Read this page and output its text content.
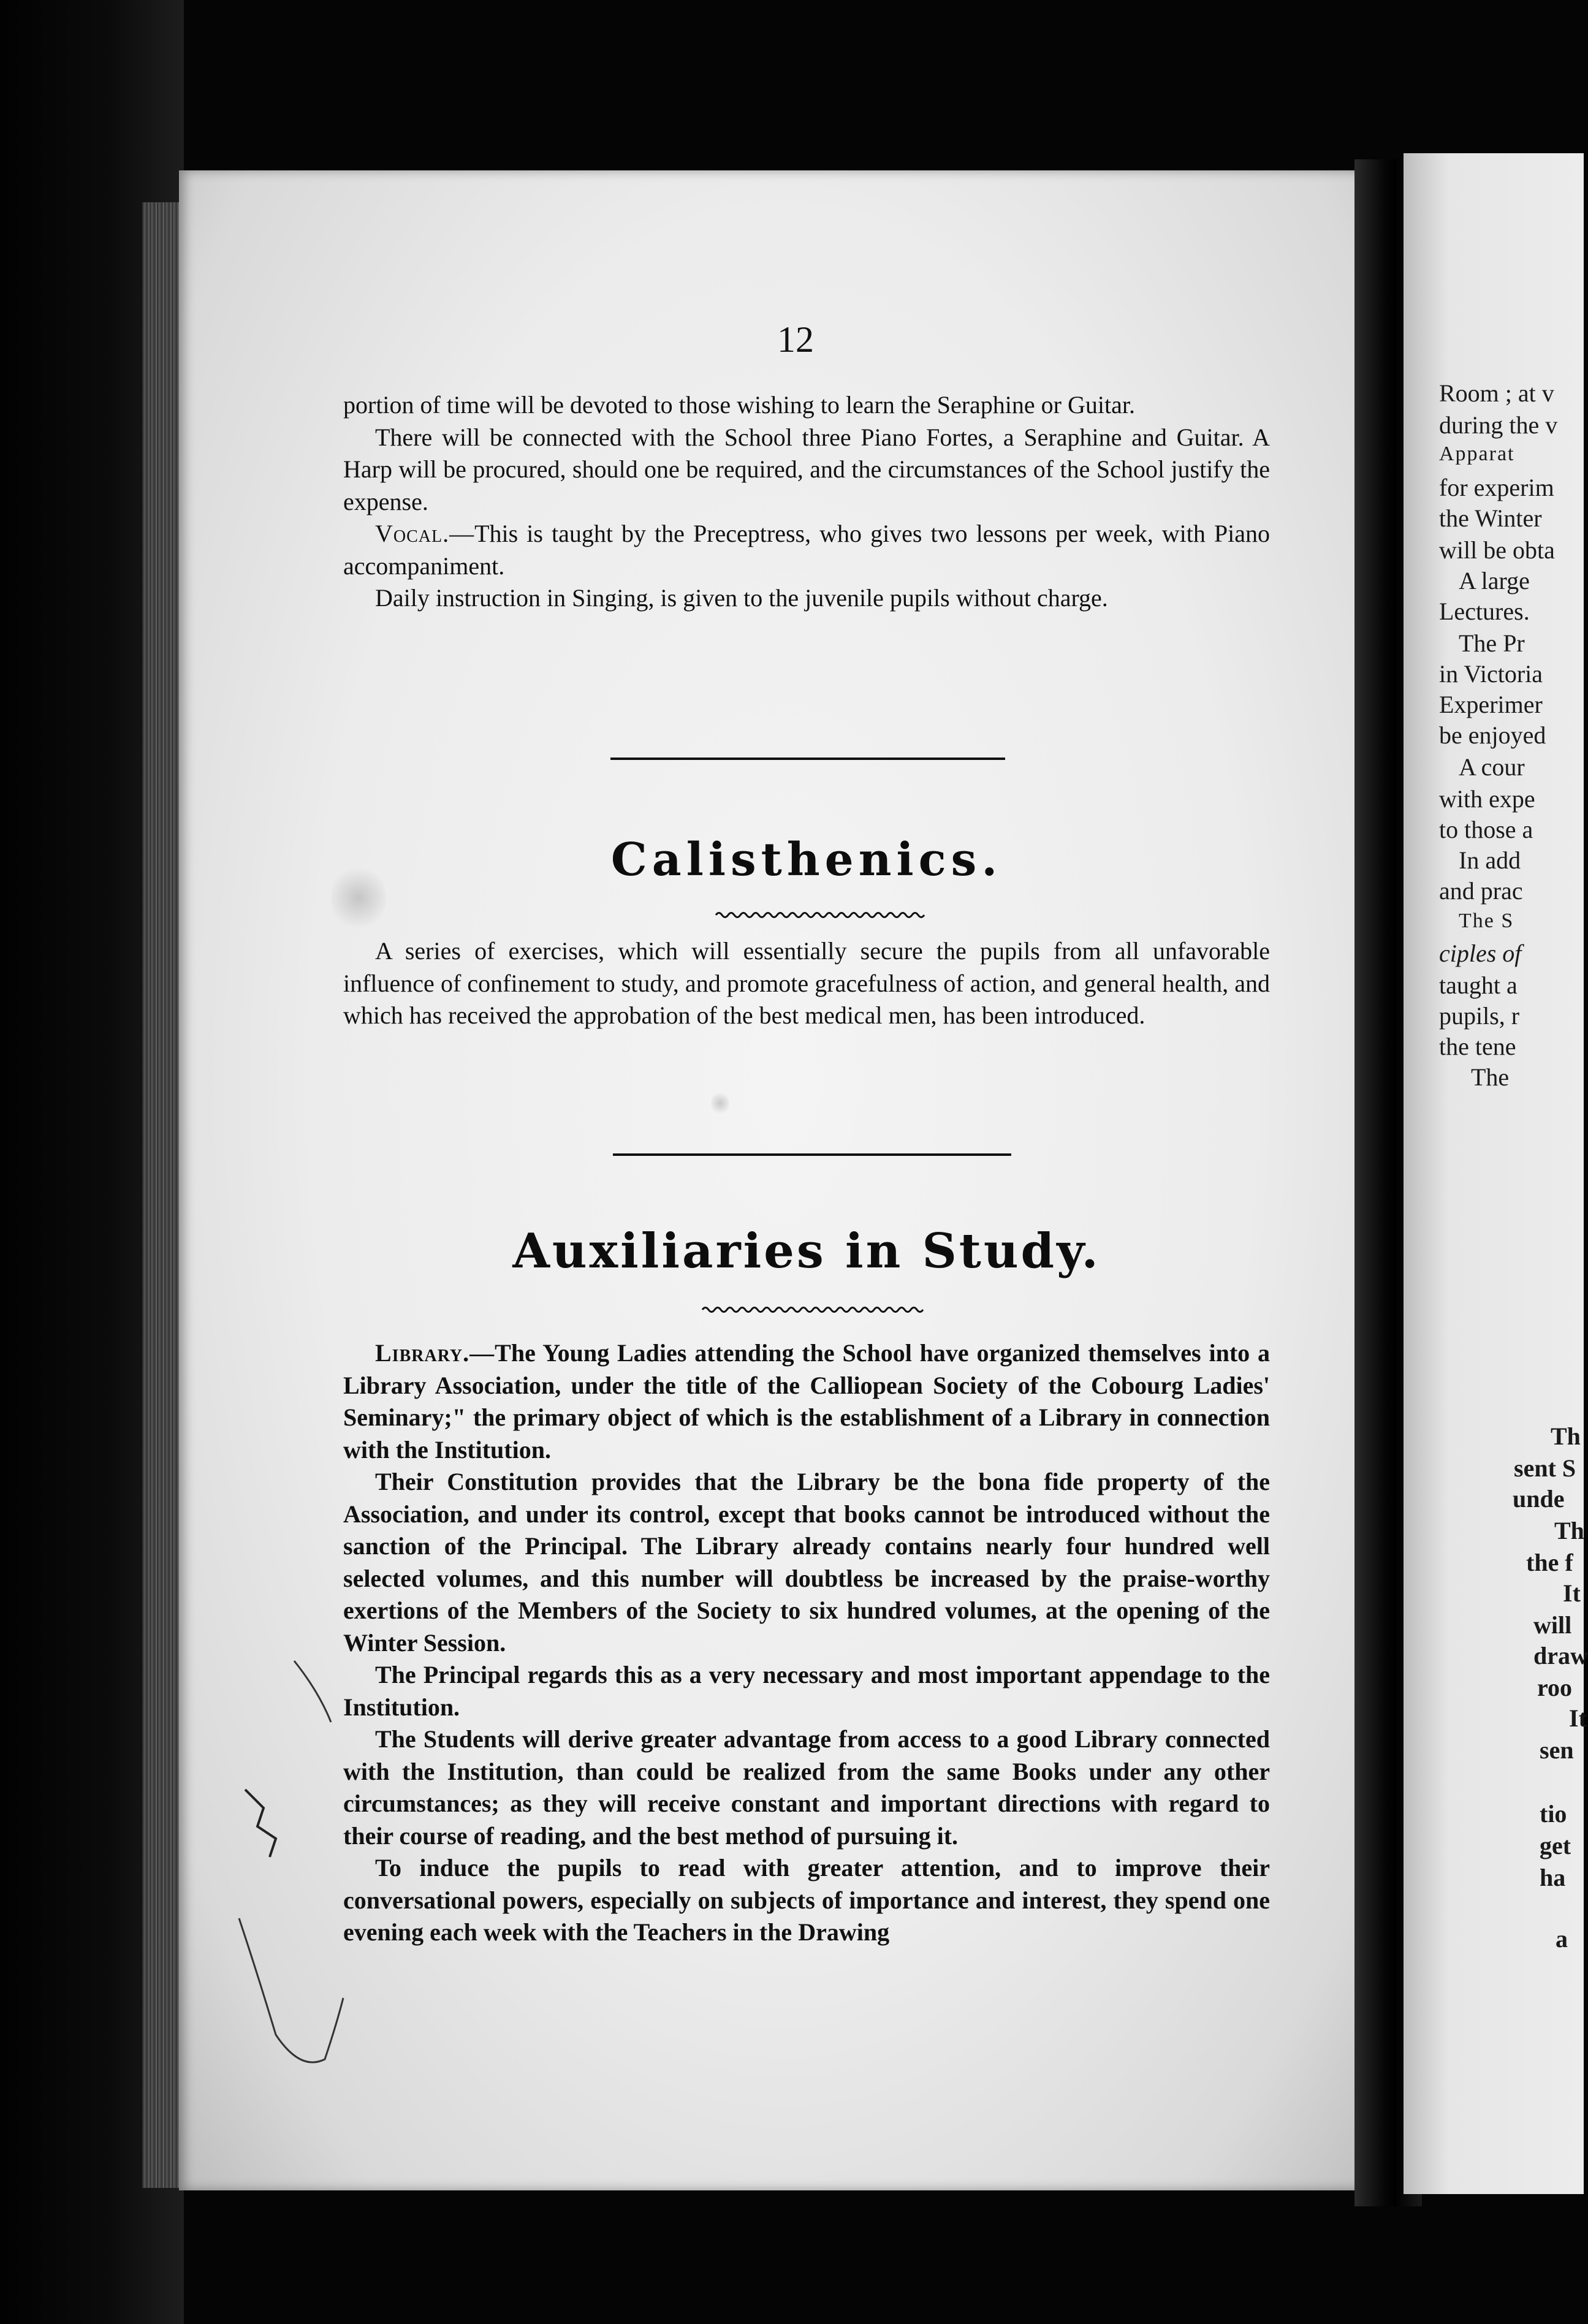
Room ; at v
during the v
Apparat
for experim
the Winter
will be obta
A large
Lectures.
The Pr
in Victoria
Experimer
be enjoyed
A cour
with expe
to those a
In add
and prac
The S
ciples of
taught a
pupils, r
the tene
The
Th
sent S
unde
Th
the f
It
will
draw
roo
It
sen
tio
get
ha
a
12

portion of time will be devoted to those wishing to learn the Seraphine or Guitar.

There will be connected with the School three Piano Fortes, a Seraphine and Guitar. A Harp will be procured, should one be required, and the circumstances of the School justify the expense.

Vocal.—This is taught by the Preceptress, who gives two lessons per week, with Piano accompaniment.

Daily instruction in Singing, is given to the juvenile pupils without charge.

Calisthenics.

A series of exercises, which will essentially secure the pupils from all unfavorable influence of confinement to study, and promote gracefulness of action, and general health, and which has received the approbation of the best medical men, has been introduced.

Auxiliaries in Study.

Library.—The Young Ladies attending the School have organized themselves into a Library Association, under the title of the Calliopean Society of the Cobourg Ladies' Seminary;" the primary object of which is the establishment of a Library in connection with the Institution.

Their Constitution provides that the Library be the bona fide property of the Association, and under its control, except that books cannot be introduced without the sanction of the Principal. The Library already contains nearly four hundred well selected volumes, and this number will doubtless be increased by the praise-worthy exertions of the Members of the Society to six hundred volumes, at the opening of the Winter Session.

The Principal regards this as a very necessary and most important appendage to the Institution.

The Students will derive greater advantage from access to a good Library connected with the Institution, than could be realized from the same Books under any other circumstances; as they will receive constant and important directions with regard to their course of reading, and the best method of pursuing it.

To induce the pupils to read with greater attention, and to improve their conversational powers, especially on subjects of importance and interest, they spend one evening each week with the Teachers in the Drawing
